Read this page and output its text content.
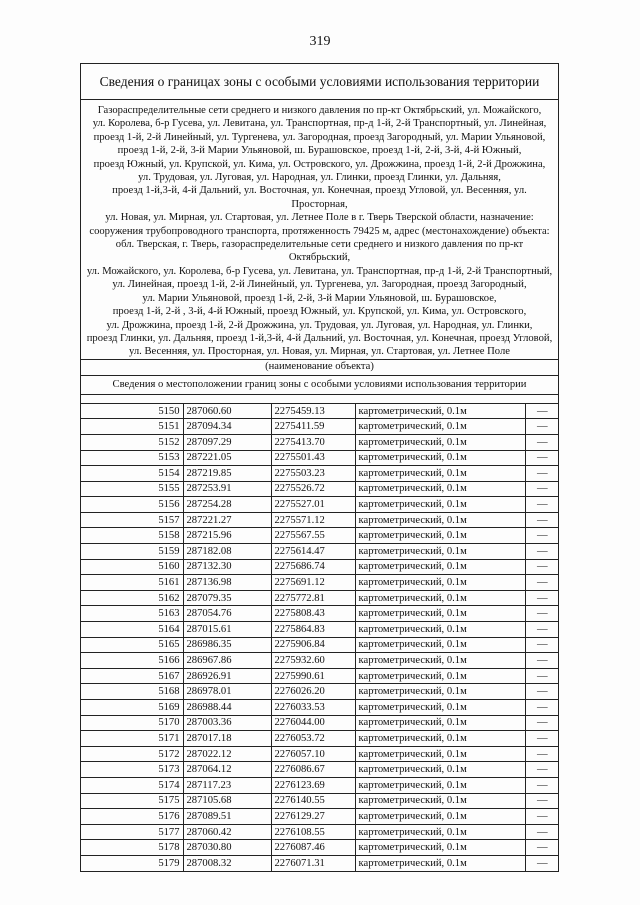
319
Сведения о границах зоны с особыми условиями использования территории
Газораспределительные сети среднего и низкого давления по пр-кт Октябрьский, ул. Можайского,
ул. Королева, б-р Гусева, ул. Левитана, ул. Транспортная, пр-д 1-й, 2-й Транспортный, ул. Линейная,
проезд 1-й, 2-й Линейный, ул. Тургенева, ул. Загородная, проезд Загородный, ул. Марии Ульяновой,
проезд 1-й, 2-й, 3-й Марии Ульяновой, ш. Бурашовское, проезд 1-й, 2-й, 3-й, 4-й Южный,
проезд Южный, ул. Крупской, ул. Кима, ул. Островского, ул. Дрожжина, проезд 1-й, 2-й Дрожжина,
ул. Трудовая, ул. Луговая, ул. Народная, ул. Глинки, проезд Глинки, ул. Дальняя,
проезд 1-й,3-й, 4-й Дальний, ул. Восточная, ул. Конечная, проезд Угловой, ул. Весенняя, ул. Просторная,
ул. Новая, ул. Мирная, ул. Стартовая, ул. Летнее Поле в г. Тверь Тверской области, назначение:
сооружения трубопроводного транспорта, протяженность 79425 м, адрес (местонахождение) объекта:
обл. Тверская, г. Тверь, газораспределительные сети среднего и низкого давления по пр-кт Октябрьский,
ул. Можайского, ул. Королева, б-р Гусева, ул. Левитана, ул. Транспортная, пр-д 1-й, 2-й Транспортный,
ул. Линейная, проезд 1-й, 2-й Линейный, ул. Тургенева, ул. Загородная, проезд Загородный,
ул. Марии Ульяновой, проезд 1-й, 2-й, 3-й Марии Ульяновой, ш. Бурашовское,
проезд 1-й, 2-й , 3-й, 4-й Южный, проезд Южный, ул. Крупской, ул. Кима, ул. Островского,
ул. Дрожжина, проезд 1-й, 2-й Дрожжина, ул. Трудовая, ул. Луговая, ул. Народная, ул. Глинки,
проезд Глинки, ул. Дальняя, проезд 1-й,3-й, 4-й Дальний, ул. Восточная, ул. Конечная, проезд Угловой,
ул. Весенняя, ул. Просторная, ул. Новая, ул. Мирная, ул. Стартовая, ул. Летнее Поле
(наименование объекта)
Сведения о местоположении границ зоны с особыми условиями использования территории
5150	287060.60	2275459.13	картометрический, 0.1м	—
5151	287094.34	2275411.59	картометрический, 0.1м	—
5152	287097.29	2275413.70	картометрический, 0.1м	—
5153	287221.05	2275501.43	картометрический, 0.1м	—
5154	287219.85	2275503.23	картометрический, 0.1м	—
5155	287253.91	2275526.72	картометрический, 0.1м	—
5156	287254.28	2275527.01	картометрический, 0.1м	—
5157	287221.27	2275571.12	картометрический, 0.1м	—
5158	287215.96	2275567.55	картометрический, 0.1м	—
5159	287182.08	2275614.47	картометрический, 0.1м	—
5160	287132.30	2275686.74	картометрический, 0.1м	—
5161	287136.98	2275691.12	картометрический, 0.1м	—
5162	287079.35	2275772.81	картометрический, 0.1м	—
5163	287054.76	2275808.43	картометрический, 0.1м	—
5164	287015.61	2275864.83	картометрический, 0.1м	—
5165	286986.35	2275906.84	картометрический, 0.1м	—
5166	286967.86	2275932.60	картометрический, 0.1м	—
5167	286926.91	2275990.61	картометрический, 0.1м	—
5168	286978.01	2276026.20	картометрический, 0.1м	—
5169	286988.44	2276033.53	картометрический, 0.1м	—
5170	287003.36	2276044.00	картометрический, 0.1м	—
5171	287017.18	2276053.72	картометрический, 0.1м	—
5172	287022.12	2276057.10	картометрический, 0.1м	—
5173	287064.12	2276086.67	картометрический, 0.1м	—
5174	287117.23	2276123.69	картометрический, 0.1м	—
5175	287105.68	2276140.55	картометрический, 0.1м	—
5176	287089.51	2276129.27	картометрический, 0.1м	—
5177	287060.42	2276108.55	картометрический, 0.1м	—
5178	287030.80	2276087.46	картометрический, 0.1м	—
5179	287008.32	2276071.31	картометрический, 0.1м	—
